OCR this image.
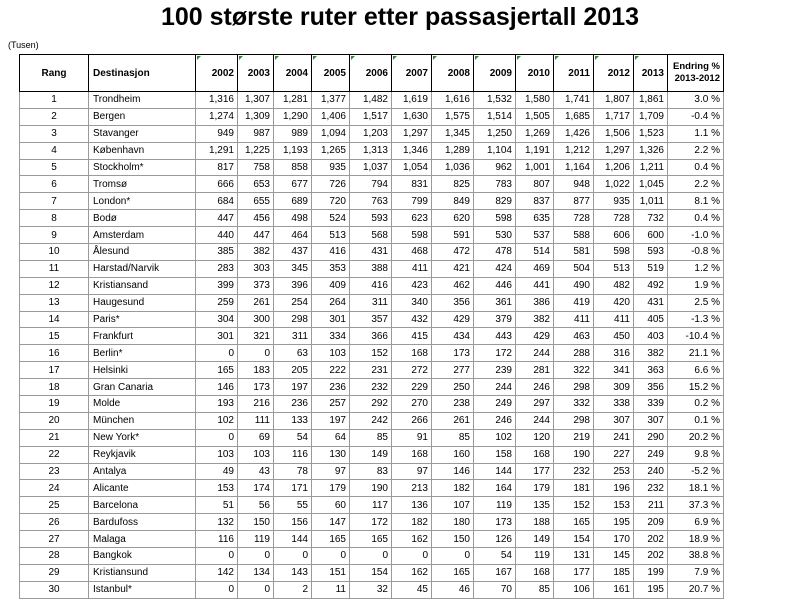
100 største ruter etter passasjertall 2013
(Tusen)
Rang	Destinasjon	2002	2003	2004	2005	2006	2007	2008	2009	2010	2011	2012	2013	Endring %
2013-2012

1	Trondheim	1,316	1,307	1,281	1,377	1,482	1,619	1,616	1,532	1,580	1,741	1,807	1,861	3.0 %
2	Bergen	1,274	1,309	1,290	1,406	1,517	1,630	1,575	1,514	1,505	1,685	1,717	1,709	-0.4 %
3	Stavanger	949	987	989	1,094	1,203	1,297	1,345	1,250	1,269	1,426	1,506	1,523	1.1 %
4	København	1,291	1,225	1,193	1,265	1,313	1,346	1,289	1,104	1,191	1,212	1,297	1,326	2.2 %
5	Stockholm*	817	758	858	935	1,037	1,054	1,036	962	1,001	1,164	1,206	1,211	0.4 %
6	Tromsø	666	653	677	726	794	831	825	783	807	948	1,022	1,045	2.2 %
7	London*	684	655	689	720	763	799	849	829	837	877	935	1,011	8.1 %
8	Bodø	447	456	498	524	593	623	620	598	635	728	728	732	0.4 %
9	Amsterdam	440	447	464	513	568	598	591	530	537	588	606	600	-1.0 %
10	Ålesund	385	382	437	416	431	468	472	478	514	581	598	593	-0.8 %
11	Harstad/Narvik	283	303	345	353	388	411	421	424	469	504	513	519	1.2 %
12	Kristiansand	399	373	396	409	416	423	462	446	441	490	482	492	1.9 %
13	Haugesund	259	261	254	264	311	340	356	361	386	419	420	431	2.5 %
14	Paris*	304	300	298	301	357	432	429	379	382	411	411	405	-1.3 %
15	Frankfurt	301	321	311	334	366	415	434	443	429	463	450	403	-10.4 %
16	Berlin*	0	0	63	103	152	168	173	172	244	288	316	382	21.1 %
17	Helsinki	165	183	205	222	231	272	277	239	281	322	341	363	6.6 %
18	Gran Canaria	146	173	197	236	232	229	250	244	246	298	309	356	15.2 %
19	Molde	193	216	236	257	292	270	238	249	297	332	338	339	0.2 %
20	München	102	111	133	197	242	266	261	246	244	298	307	307	0.1 %
21	New York*	0	69	54	64	85	91	85	102	120	219	241	290	20.2 %
22	Reykjavik	103	103	116	130	149	168	160	158	168	190	227	249	9.8 %
23	Antalya	49	43	78	97	83	97	146	144	177	232	253	240	-5.2 %
24	Alicante	153	174	171	179	190	213	182	164	179	181	196	232	18.1 %
25	Barcelona	51	56	55	60	117	136	107	119	135	152	153	211	37.3 %
26	Bardufoss	132	150	156	147	172	182	180	173	188	165	195	209	6.9 %
27	Malaga	116	119	144	165	165	162	150	126	149	154	170	202	18.9 %
28	Bangkok	0	0	0	0	0	0	0	54	119	131	145	202	38.8 %
29	Kristiansund	142	134	143	151	154	162	165	167	168	177	185	199	7.9 %
30	Istanbul*	0	0	2	11	32	45	46	70	85	106	161	195	20.7 %
